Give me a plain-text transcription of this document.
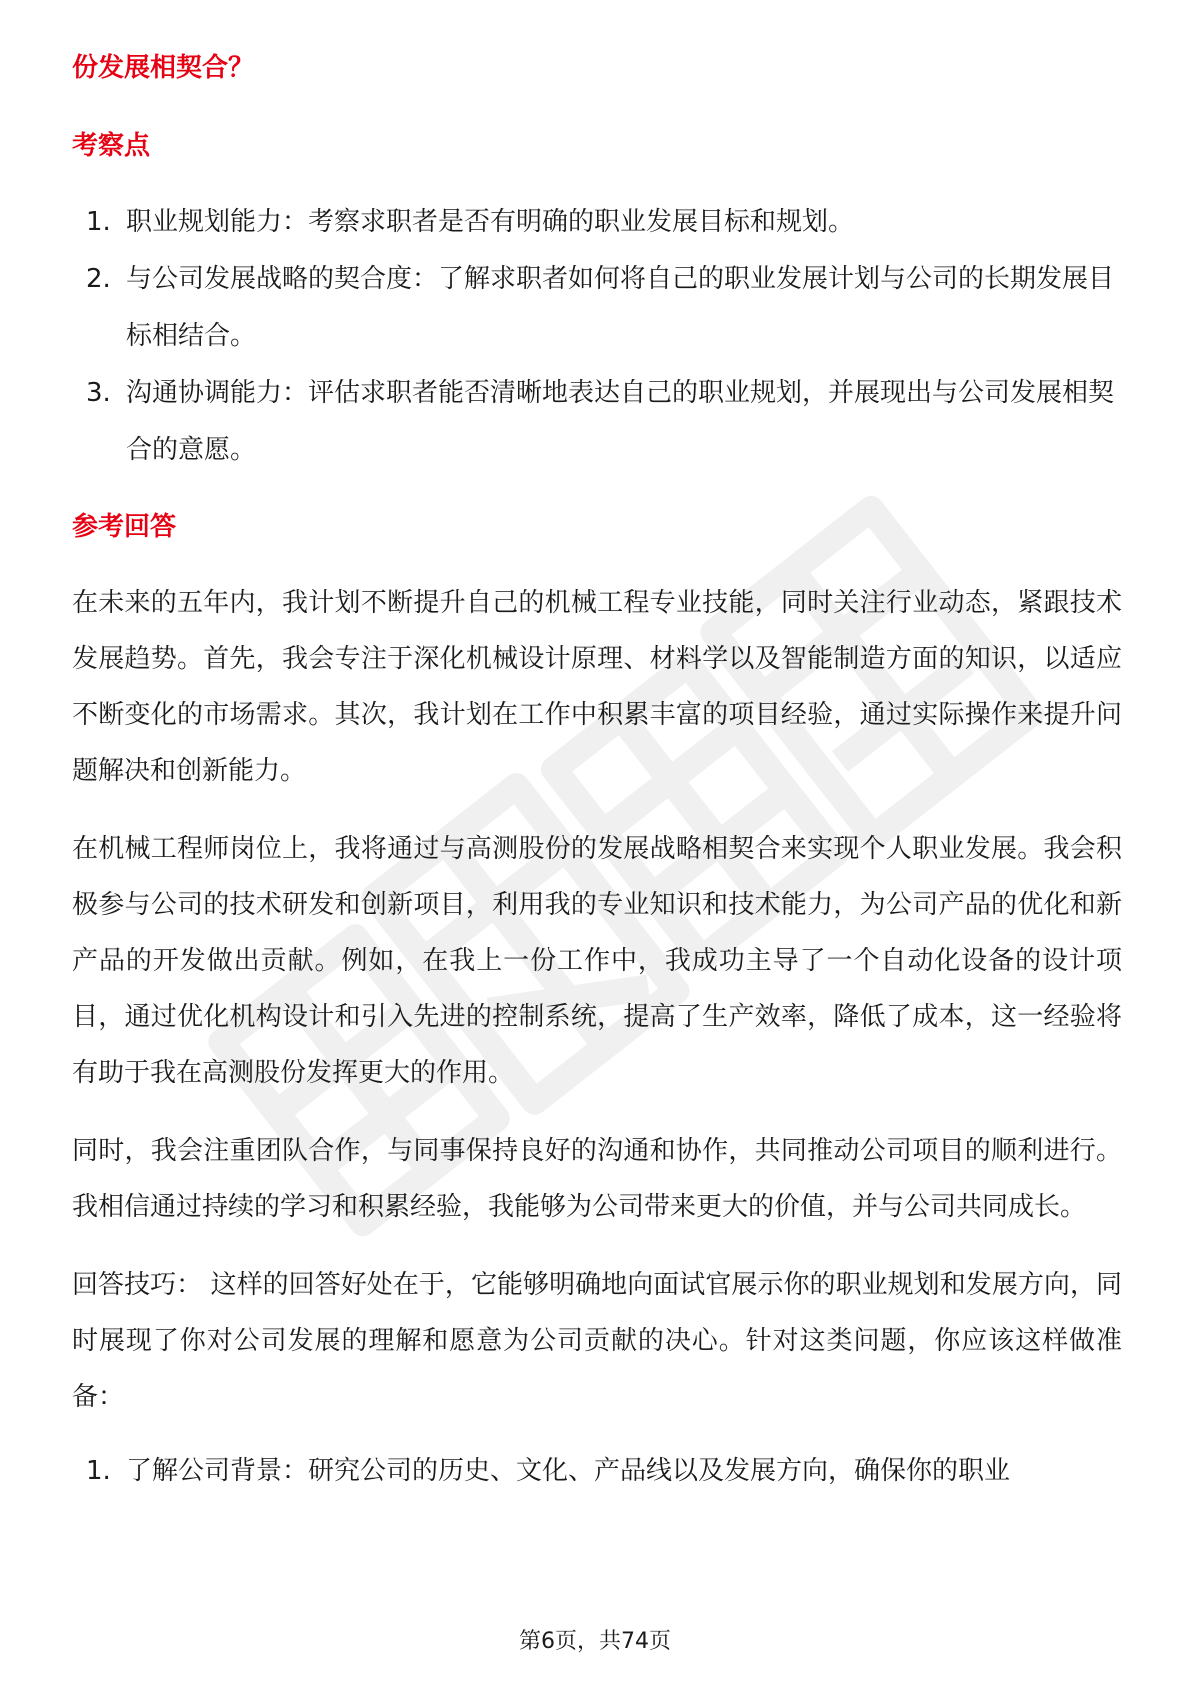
份发展相契合？
考察点
1. 职业规划能力：考察求职者是否有明确的职业发展目标和规划。
2. 与公司发展战略的契合度：了解求职者如何将自己的职业发展计划与公司的长期发展目标相结合。
3. 沟通协调能力：评估求职者能否清晰地表达自己的职业规划，并展现出与公司发展相契合的意愿。
参考回答

在未来的五年内，我计划不断提升自己的机械工程专业技能，同时关注行业动态，紧跟技术发展趋势。首先，我会专注于深化机械设计原理、材料学以及智能制造方面的知识，以适应不断变化的市场需求。其次，我计划在工作中积累丰富的项目经验，通过实际操作来提升问题解决和创新能力。

在机械工程师岗位上，我将通过与高测股份的发展战略相契合来实现个人职业发展。我会积极参与公司的技术研发和创新项目，利用我的专业知识和技术能力，为公司产品的优化和新产品的开发做出贡献。例如，在我上一份工作中，我成功主导了一个自动化设备的设计项目，通过优化机构设计和引入先进的控制系统，提高了生产效率，降低了成本，这一经验将有助于我在高测股份发挥更大的作用。

同时，我会注重团队合作，与同事保持良好的沟通和协作，共同推动公司项目的顺利进行。我相信通过持续的学习和积累经验，我能够为公司带来更大的价值，并与公司共同成长。

回答技巧： 这样的回答好处在于，它能够明确地向面试官展示你的职业规划和发展方向，同时展现了你对公司发展的理解和愿意为公司贡献的决心。针对这类问题，你应该这样做准备：

1. 了解公司背景：研究公司的历史、文化、产品线以及发展方向，确保你的职业
第6页，共74页
